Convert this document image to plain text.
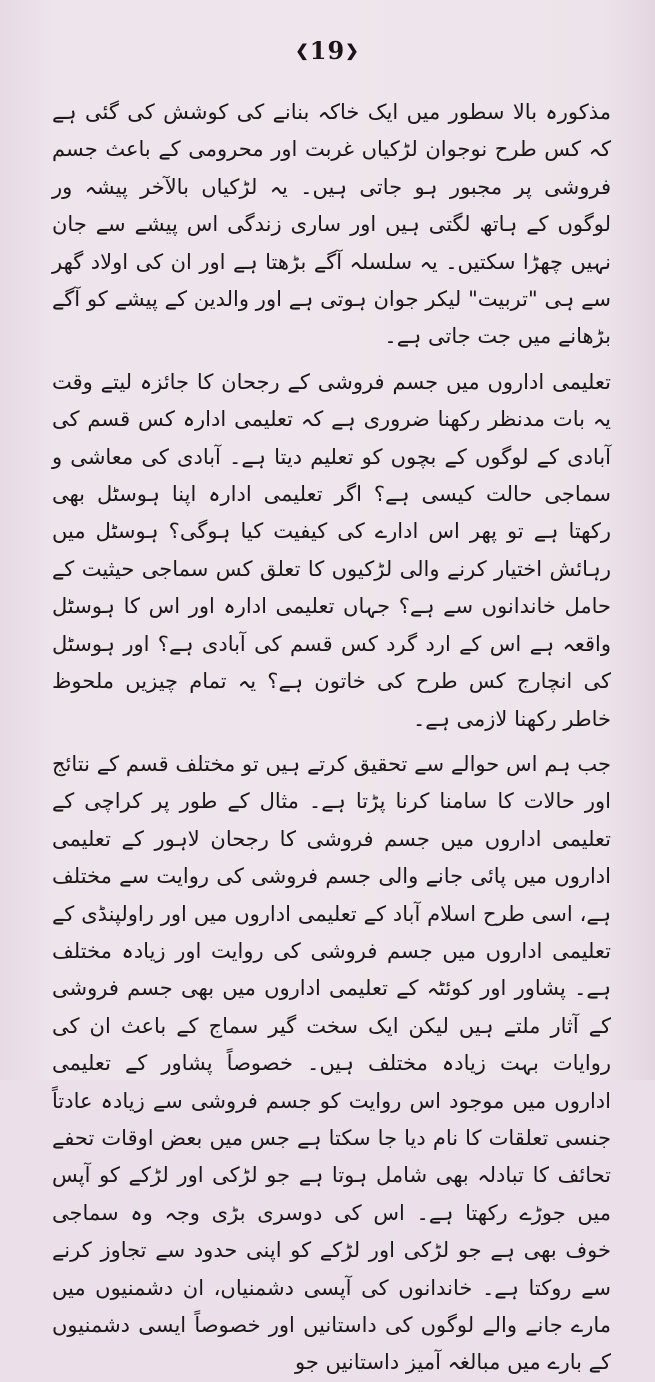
❮19❯

مذکورہ بالا سطور میں ایک خاکہ بنانے کی کوشش کی گئی ہے کہ کس طرح نوجوان لڑکیاں غربت اور محرومی کے باعث جسم فروشی پر مجبور ہو جاتی ہیں۔ یہ لڑکیاں بالآخر پیشہ ور لوگوں کے ہاتھ لگتی ہیں اور ساری زندگی اس پیشے سے جان نہیں چھڑا سکتیں۔ یہ سلسلہ آگے بڑھتا ہے اور ان کی اولاد گھر سے ہی "تربیت" لیکر جوان ہوتی ہے اور والدین کے پیشے کو آگے بڑھانے میں جت جاتی ہے۔

تعلیمی اداروں میں جسم فروشی کے رجحان کا جائزہ لیتے وقت یہ بات مدنظر رکھنا ضروری ہے کہ تعلیمی ادارہ کس قسم کی آبادی کے لوگوں کے بچوں کو تعلیم دیتا ہے۔ آبادی کی معاشی و سماجی حالت کیسی ہے؟ اگر تعلیمی ادارہ اپنا ہوسٹل بھی رکھتا ہے تو پھر اس ادارے کی کیفیت کیا ہوگی؟ ہوسٹل میں رہائش اختیار کرنے والی لڑکیوں کا تعلق کس سماجی حیثیت کے حامل خاندانوں سے ہے؟ جہاں تعلیمی ادارہ اور اس کا ہوسٹل واقعہ ہے اس کے ارد گرد کس قسم کی آبادی ہے؟ اور ہوسٹل کی انچارج کس طرح کی خاتون ہے؟ یہ تمام چیزیں ملحوظ خاطر رکھنا لازمی ہے۔

جب ہم اس حوالے سے تحقیق کرتے ہیں تو مختلف قسم کے نتائج اور حالات کا سامنا کرنا پڑتا ہے۔ مثال کے طور پر کراچی کے تعلیمی اداروں میں جسم فروشی کا رجحان لاہور کے تعلیمی اداروں میں پائی جانے والی جسم فروشی کی روایت سے مختلف ہے، اسی طرح اسلام آباد کے تعلیمی اداروں میں اور راولپنڈی کے تعلیمی اداروں میں جسم فروشی کی روایت اور زیادہ مختلف ہے۔ پشاور اور کوئٹہ کے تعلیمی اداروں میں بھی جسم فروشی کے آثار ملتے ہیں لیکن ایک سخت گیر سماج کے باعث ان کی روایات بہت زیادہ مختلف ہیں۔ خصوصاً پشاور کے تعلیمی اداروں میں موجود اس روایت کو جسم فروشی سے زیادہ عادتاً جنسی تعلقات کا نام دیا جا سکتا ہے جس میں بعض اوقات تحفے تحائف کا تبادلہ بھی شامل ہوتا ہے جو لڑکی اور لڑکے کو آپس میں جوڑے رکھتا ہے۔ اس کی دوسری بڑی وجہ وہ سماجی خوف بھی ہے جو لڑکی اور لڑکے کو اپنی حدود سے تجاوز کرنے سے روکتا ہے۔ خاندانوں کی آپسی دشمنیاں، ان دشمنیوں میں مارے جانے والے لوگوں کی داستانیں اور خصوصاً ایسی دشمنیوں کے بارے میں مبالغہ آمیز داستانیں جو
